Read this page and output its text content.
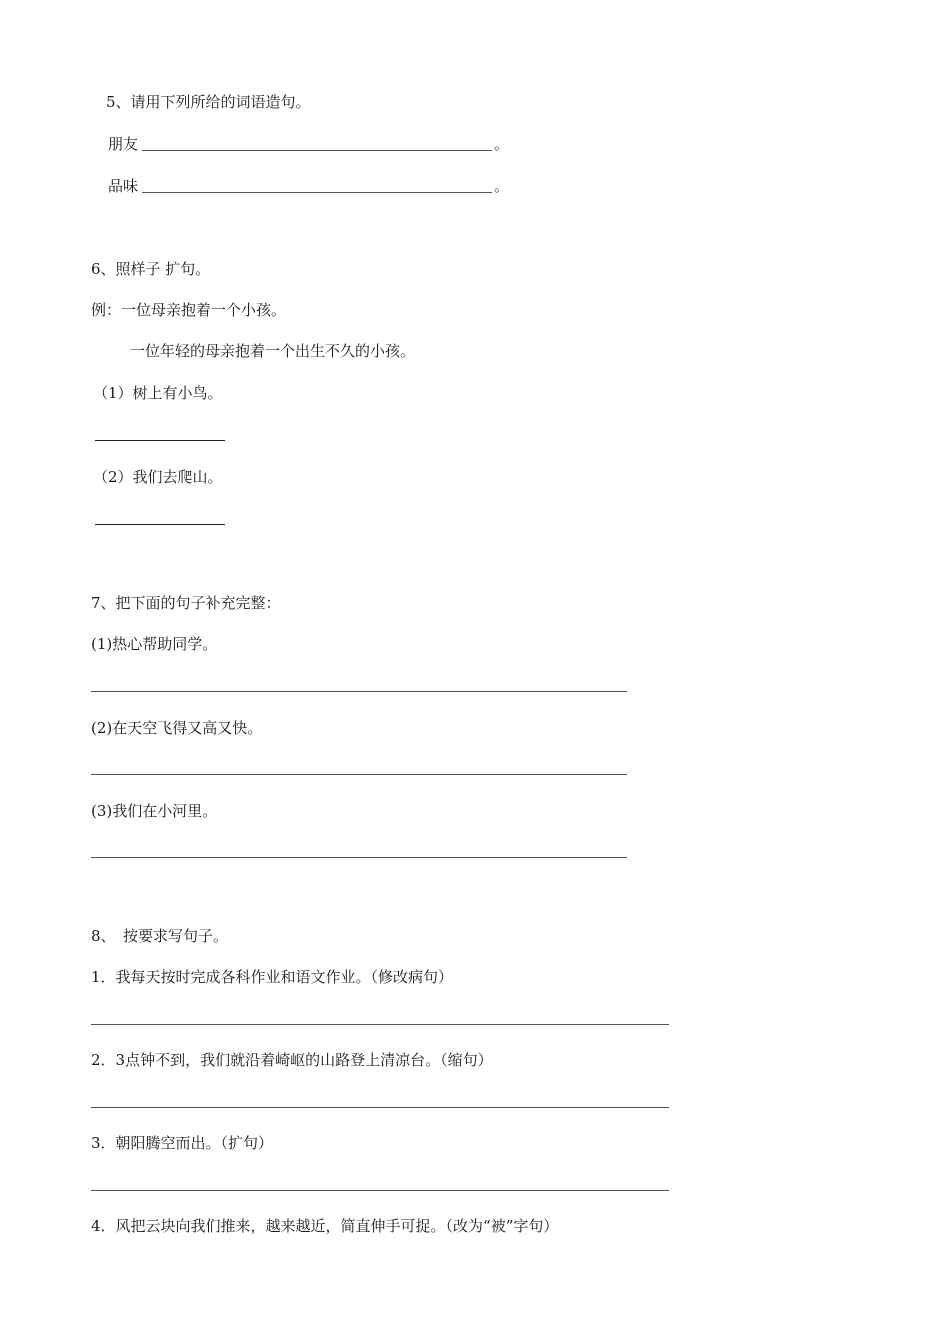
5、请用下列所给的词语造句。
朋友	。
品味	。
6、照样子 扩句。
例：一位母亲抱着一个小孩。
一位年轻的母亲抱着一个出生不久的小孩。
（1）树上有小鸟。
（2）我们去爬山。
7、把下面的句子补充完整：
(1)热心帮助同学。
(2)在天空飞得又高又快。
(3)我们在小河里。
8、　按要求写句子。
1．我每天按时完成各科作业和语文作业。（修改病句）
2．3点钟不到，我们就沿着崎岖的山路登上清凉台。（缩句）
3．朝阳腾空而出。（扩句）
4．风把云块向我们推来，越来越近，简直伸手可捉。（改为“被”字句）
